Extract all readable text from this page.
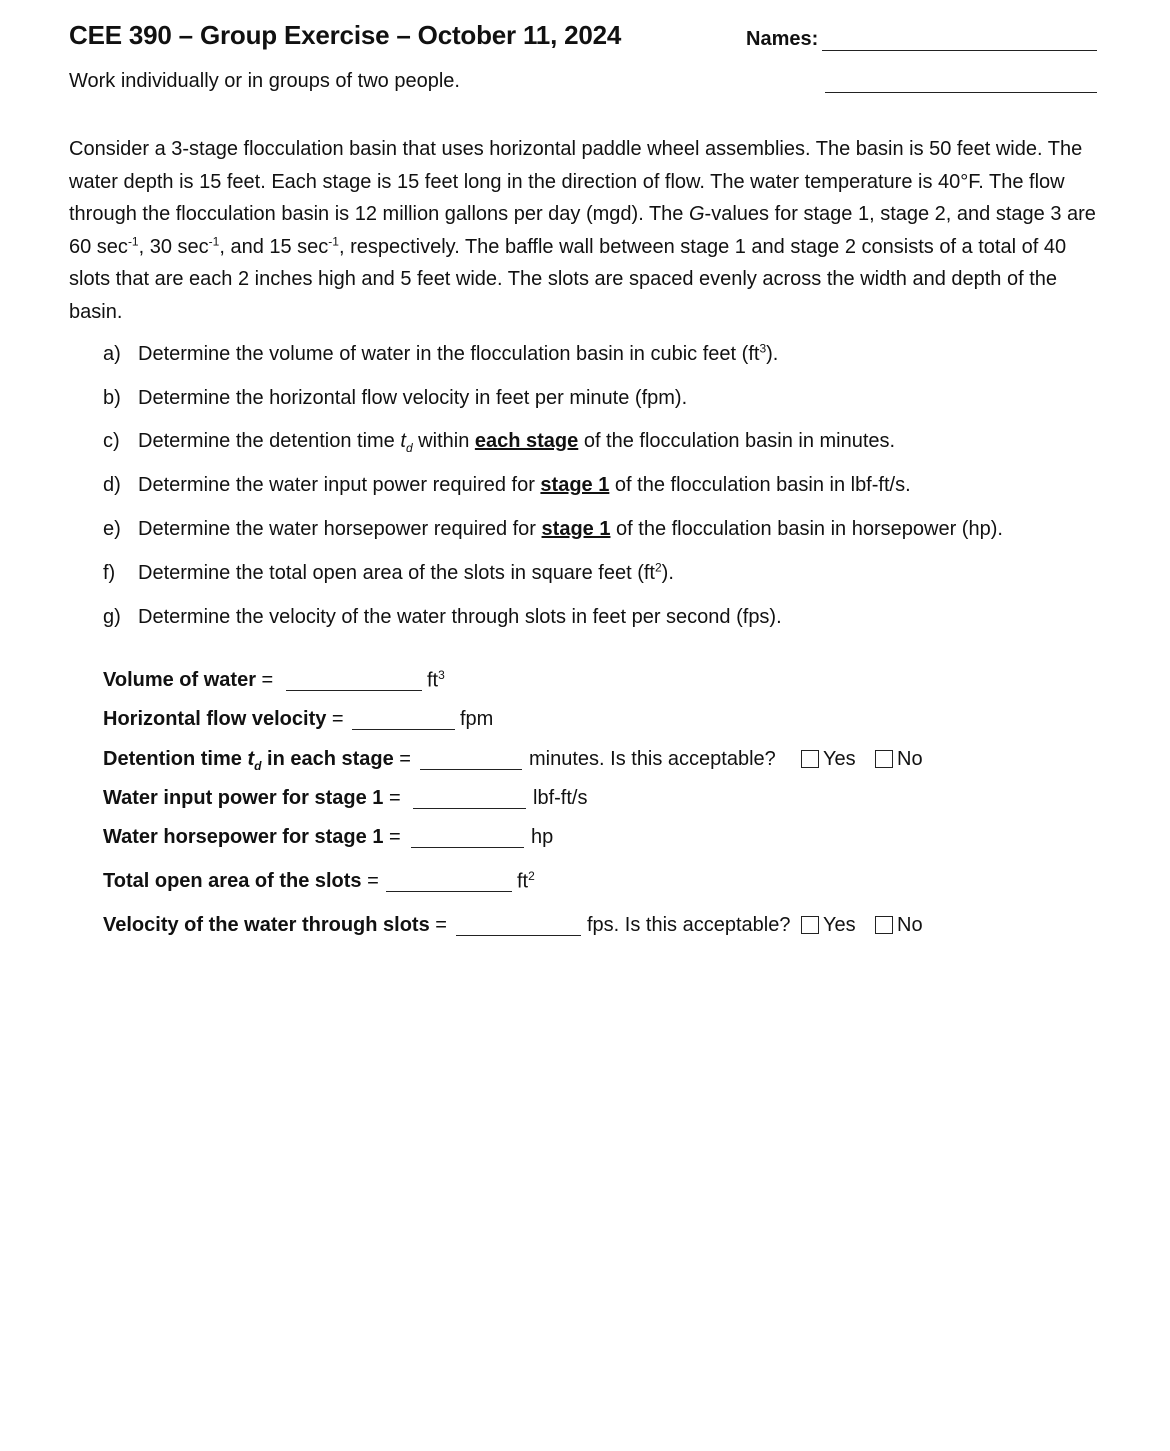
CEE 390 – Group Exercise – October 11, 2024	Names:
Work individually or in groups of two people.
Consider a 3-stage flocculation basin that uses horizontal paddle wheel assemblies. The basin is 50 feet wide. The water depth is 15 feet. Each stage is 15 feet long in the direction of flow. The water temperature is 40°F. The flow through the flocculation basin is 12 million gallons per day (mgd). The G-values for stage 1, stage 2, and stage 3 are 60 $\sec^{-1}$, 30 $\sec^{-1}$, and 15 $\sec^{-1}$, respectively. The baffle wall between stage 1 and stage 2 consists of a total of 40 slots that are each 2 inches high and 5 feet wide. The slots are spaced evenly across the width and depth of the basin.
a) Determine the volume of water in the flocculation basin in cubic feet $(ft^3)$.
b) Determine the horizontal flow velocity in feet per minute (fpm).
c) Determine the detention time $t_d$ within each stage of the flocculation basin in minutes.
d) Determine the water input power required for stage 1 of the flocculation basin in lbf-ft/s.
e) Determine the water horsepower required for stage 1 of the flocculation basin in horsepower (hp).
f) Determine the total open area of the slots in square feet $(ft^2)$.
g) Determine the velocity of the water through slots in feet per second (fps).
Volume of water =	$ft^3$
Horizontal flow velocity =	fpm
Detention time $t_d$ in each stage =	minutes. Is this acceptable?	Yes	No
Water input power for stage 1 =	lbf-ft/s
Water horsepower for stage 1 =	hp
Total open area of the slots =	$ft^2$
Velocity of the water through slots =	fps. Is this acceptable?	Yes	No
